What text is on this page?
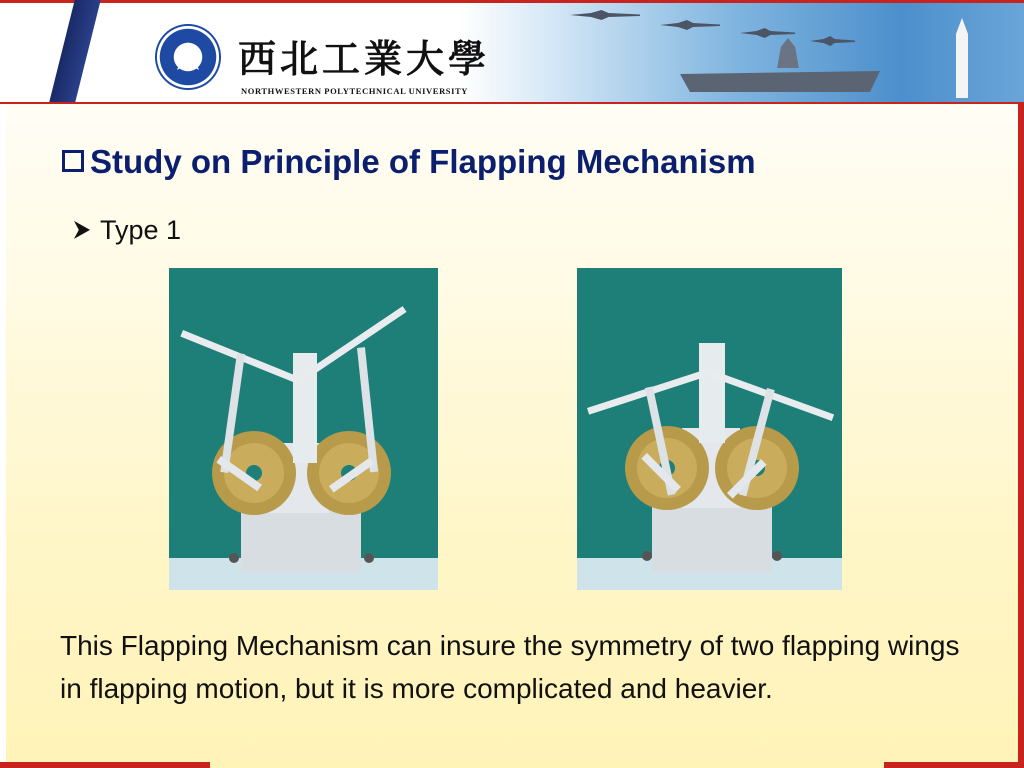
西北工業大學
NORTHWESTERN POLYTECHNICAL UNIVERSITY
Study on Principle of Flapping Mechanism
Type 1
This Flapping Mechanism can insure the symmetry of two flapping wings in flapping motion, but it is more complicated and heavier.
